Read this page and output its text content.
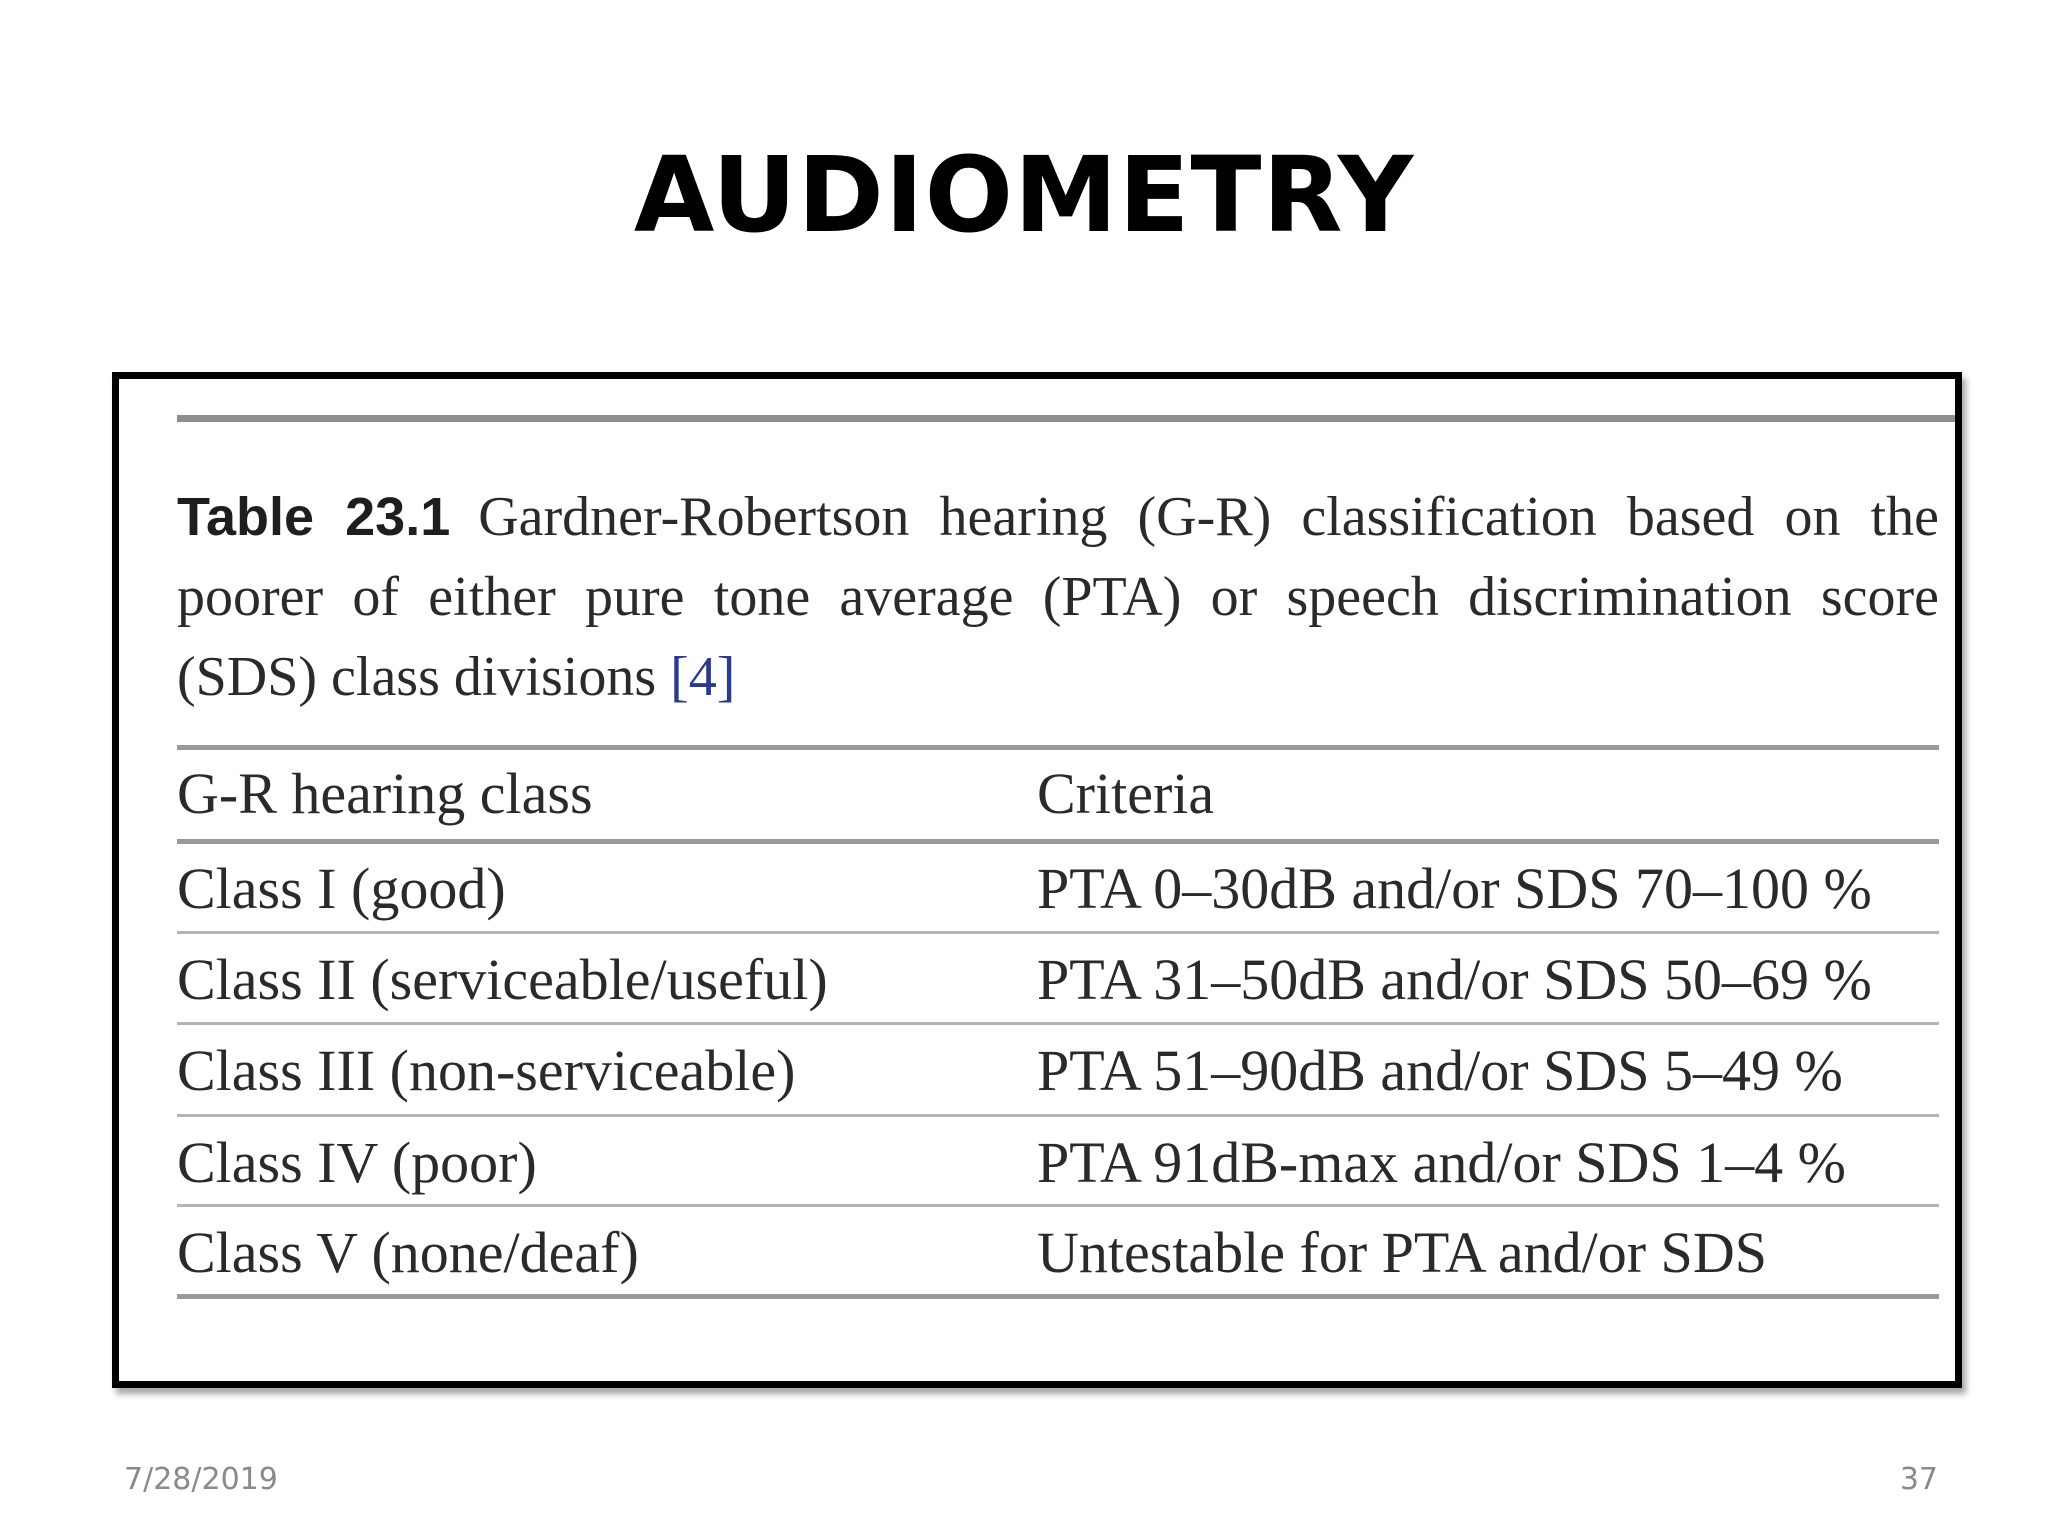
AUDIOMETRY
Table 23.1 Gardner-Robertson hearing (G-R) classification based on the poorer of either pure tone average (PTA) or speech discrimination score (SDS) class divisions [4]
G-R hearing class	Criteria
Class I (good)	PTA 0–30dB and/or SDS 70–100 %
Class II (serviceable/useful)	PTA 31–50dB and/or SDS 50–69 %
Class III (non-serviceable)	PTA 51–90dB and/or SDS 5–49 %
Class IV (poor)	PTA 91dB-max and/or SDS 1–4 %
Class V (none/deaf)	Untestable for PTA and/or SDS
7/28/2019	37
